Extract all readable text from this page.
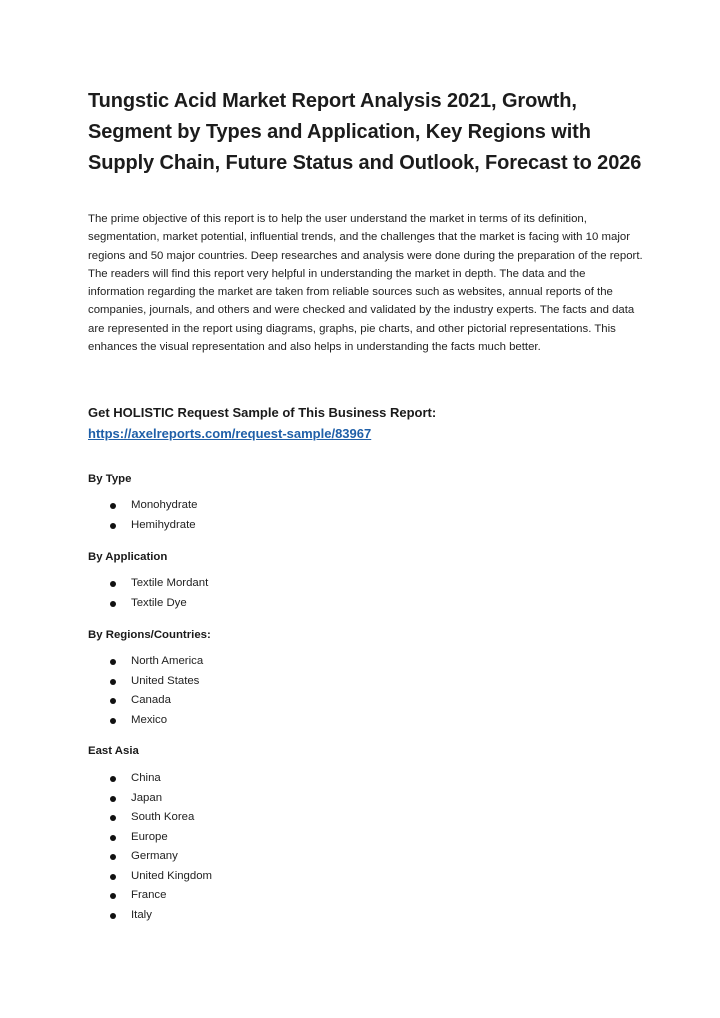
Tungstic Acid Market Report Analysis 2021, Growth, Segment by Types and Application, Key Regions with Supply Chain, Future Status and Outlook, Forecast to 2026

The prime objective of this report is to help the user understand the market in terms of its definition, segmentation, market potential, influential trends, and the challenges that the market is facing with 10 major regions and 50 major countries. Deep researches and analysis were done during the preparation of the report. The readers will find this report very helpful in understanding the market in depth. The data and the information regarding the market are taken from reliable sources such as websites, annual reports of the companies, journals, and others and were checked and validated by the industry experts. The facts and data are represented in the report using diagrams, graphs, pie charts, and other pictorial representations. This enhances the visual representation and also helps in understanding the facts much better.

Get HOLISTIC Request Sample of This Business Report:

https://axelreports.com/request-sample/83967

By Type

Monohydrate
Hemihydrate

By Application

Textile Mordant
Textile Dye

By Regions/Countries:

North America
United States
Canada
Mexico

East Asia

China
Japan
South Korea
Europe
Germany
United Kingdom
France
Italy
